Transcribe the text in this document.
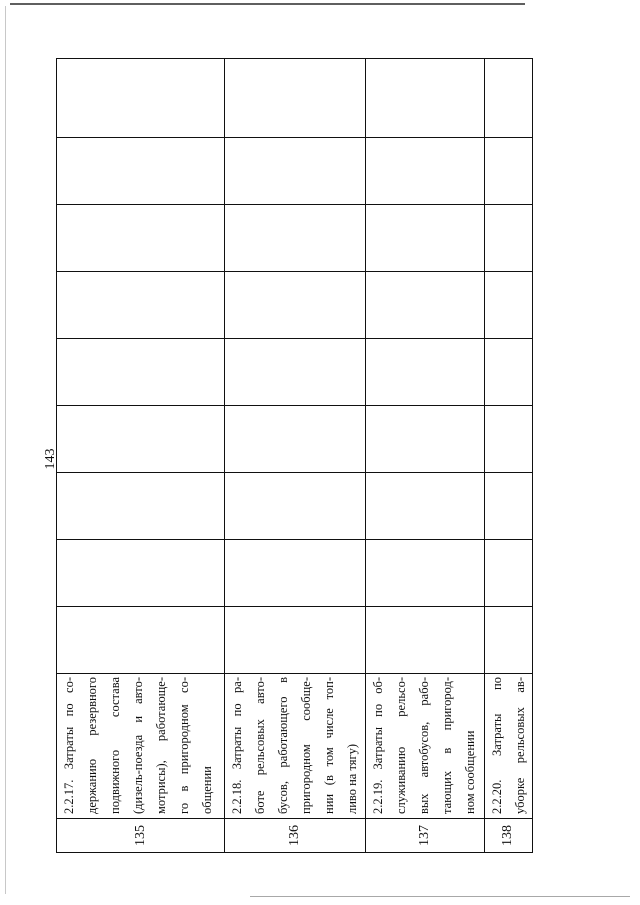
143
135
2.2.17. Затраты по со- держанию резервного подвижного состава (дизель-поезда и авто- мотрисы), работающе- го в пригородном со- общении
136
2.2.18. Затраты по ра- боте рельсовых авто- бусов, работающего в пригородном сообще- нии (в том числе топ- ливо на тягу)
137
2.2.19. Затраты по об- служиванию рельсо- вых автобусов, рабо- тающих в пригород- ном сообщении
138
2.2.20. Затраты по уборке рельсовых ав-
